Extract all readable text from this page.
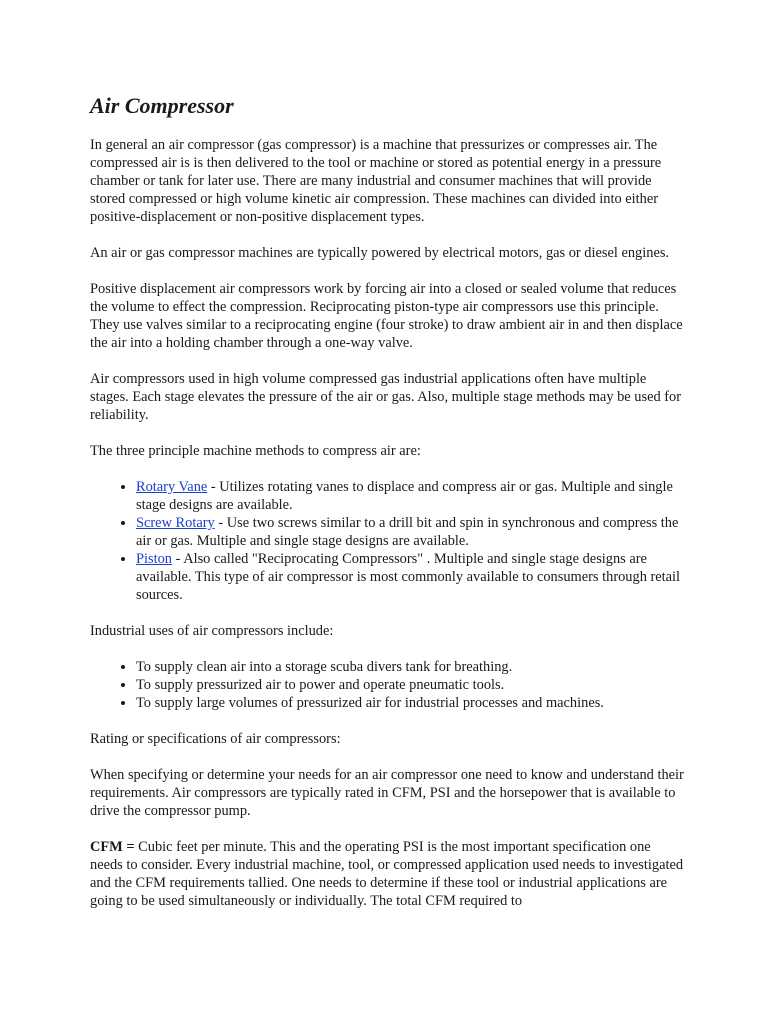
Air Compressor

In general an air compressor (gas compressor) is a machine that pressurizes or compresses air. The compressed air is is then delivered to the tool or machine or stored as potential energy in a pressure chamber or tank for later use. There are many industrial and consumer machines that will provide stored compressed or high volume kinetic air compression. These machines can divided into either positive-displacement or non-positive displacement types.

An air or gas compressor machines are typically powered by electrical motors, gas or diesel engines.

Positive displacement air compressors work by forcing air into a closed or sealed volume that reduces the volume to effect the compression. Reciprocating piston-type air compressors use this principle. They use valves similar to a reciprocating engine (four stroke) to draw ambient air in and then displace the air into a holding chamber through a one-way valve.

Air compressors used in high volume compressed gas industrial applications often have multiple stages. Each stage elevates the pressure of the air or gas. Also, multiple stage methods may be used for reliability.

The three principle machine methods to compress air are:

• Rotary Vane - Utilizes rotating vanes to displace and compress air or gas. Multiple and single stage designs are available.
• Screw Rotary - Use two screws similar to a drill bit and spin in synchronous and compress the air or gas. Multiple and single stage designs are available.
• Piston - Also called "Reciprocating Compressors" . Multiple and single stage designs are available. This type of air compressor is most commonly available to consumers through retail sources.

Industrial uses of air compressors include:

• To supply clean air into a storage scuba divers tank for breathing.
• To supply pressurized air to power and operate pneumatic tools.
• To supply large volumes of pressurized air for industrial processes and machines.

Rating or specifications of air compressors:

When specifying or determine your needs for an air compressor one need to know and understand their requirements. Air compressors are typically rated in CFM, PSI and the horsepower that is available to drive the compressor pump.

CFM = Cubic feet per minute. This and the operating PSI is the most important specification one needs to consider. Every industrial machine, tool, or compressed application used needs to investigated and the CFM requirements tallied. One needs to determine if these tool or industrial applications are going to be used simultaneously or individually. The total CFM required to
